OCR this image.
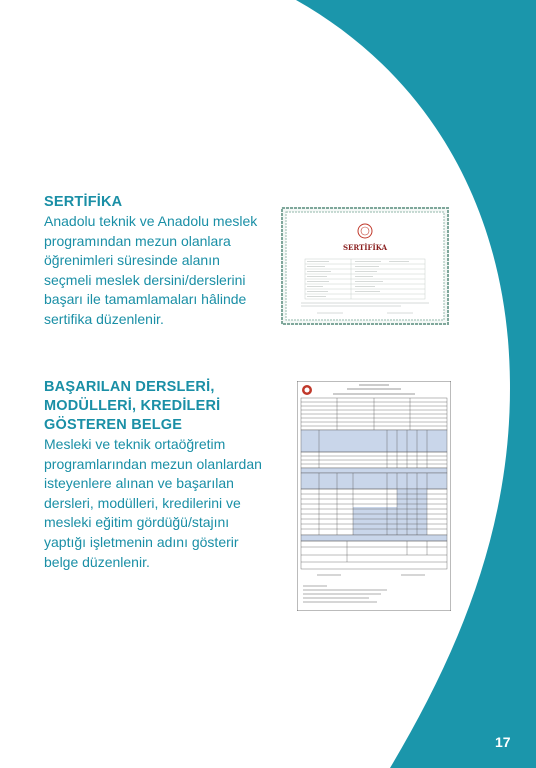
SERTİFİKA

Anadolu teknik ve Anadolu meslek programından mezun olanlara öğrenimleri süresinde alanın seçmeli meslek dersini/derslerini başarı ile tamamlamaları hâlinde sertifika düzenlenir.

SERTİFİKA
BAŞARILAN DERSLERİ, MODÜLLERİ, KREDİLERİ GÖSTEREN BELGE

Mesleki ve teknik ortaöğretim programlarından mezun olanlardan isteyenlere alınan ve başarılan dersleri, modülleri, kredilerini ve mesleki eğitim gördüğü/stajını yaptığı işletmenin adını gösterir belge düzenlenir.

17
